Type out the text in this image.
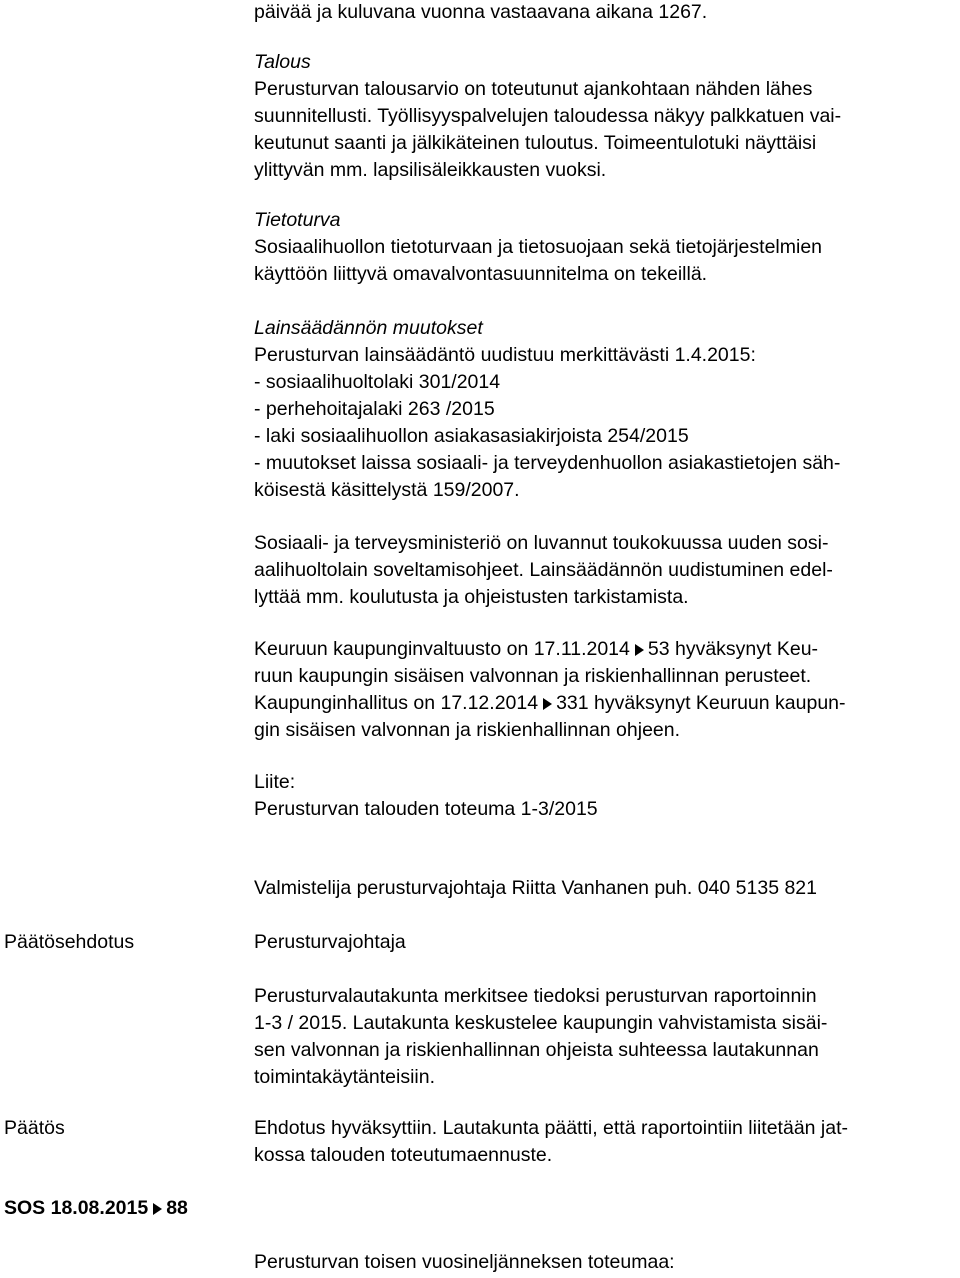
päivää ja kuluvana vuonna vastaavana aikana 1267.

Talous

Perusturvan talousarvio on toteutunut ajankohtaan nähden lähes

suunnitellusti. Työllisyyspalvelujen taloudessa näkyy palkkatuen vai-

keutunut saanti ja jälkikäteinen tuloutus. Toimeentulotuki näyttäisi

ylittyvän mm. lapsilisäleikkausten vuoksi.

Tietoturva

Sosiaalihuollon tietoturvaan ja tietosuojaan sekä tietojärjestelmien

käyttöön liittyvä omavalvontasuunnitelma on tekeillä.

Lainsäädännön muutokset

Perusturvan lainsäädäntö uudistuu merkittävästi 1.4.2015:

- sosiaalihuoltolaki 301/2014

- perhehoitajalaki 263 /2015

- laki sosiaalihuollon asiakasasiakirjoista 254/2015

- muutokset laissa sosiaali- ja terveydenhuollon asiakastietojen säh-

köisestä käsittelystä 159/2007.

Sosiaali- ja terveysministeriö on luvannut toukokuussa uuden sosi-

aalihuoltolain soveltamisohjeet. Lainsäädännön uudistuminen edel-

lyttää mm. koulutusta ja ohjeistusten tarkistamista.

Keuruun kaupunginvaltuusto on 17.11.2014 53 hyväksynyt Keu-

ruun kaupungin sisäisen valvonnan ja riskienhallinnan perusteet.

Kaupunginhallitus on 17.12.2014 331 hyväksynyt Keuruun kaupun-

gin sisäisen valvonnan ja riskienhallinnan ohjeen.

Liite:

Perusturvan talouden toteuma 1-3/2015

Valmistelija perusturvajohtaja Riitta Vanhanen puh. 040 5135 821

Päätösehdotus	Perusturvajohtaja

Perusturvalautakunta merkitsee tiedoksi perusturvan raportoinnin

1-3 / 2015. Lautakunta keskustelee kaupungin vahvistamista sisäi-

sen valvonnan ja riskienhallinnan ohjeista suhteessa lautakunnan

toimintakäytänteisiin.

Päätös	Ehdotus hyväksyttiin. Lautakunta päätti, että raportointiin liitetään jat-

kossa talouden toteutumaennuste.

SOS 18.08.2015 88

Perusturvan toisen vuosineljänneksen toteumaa:
